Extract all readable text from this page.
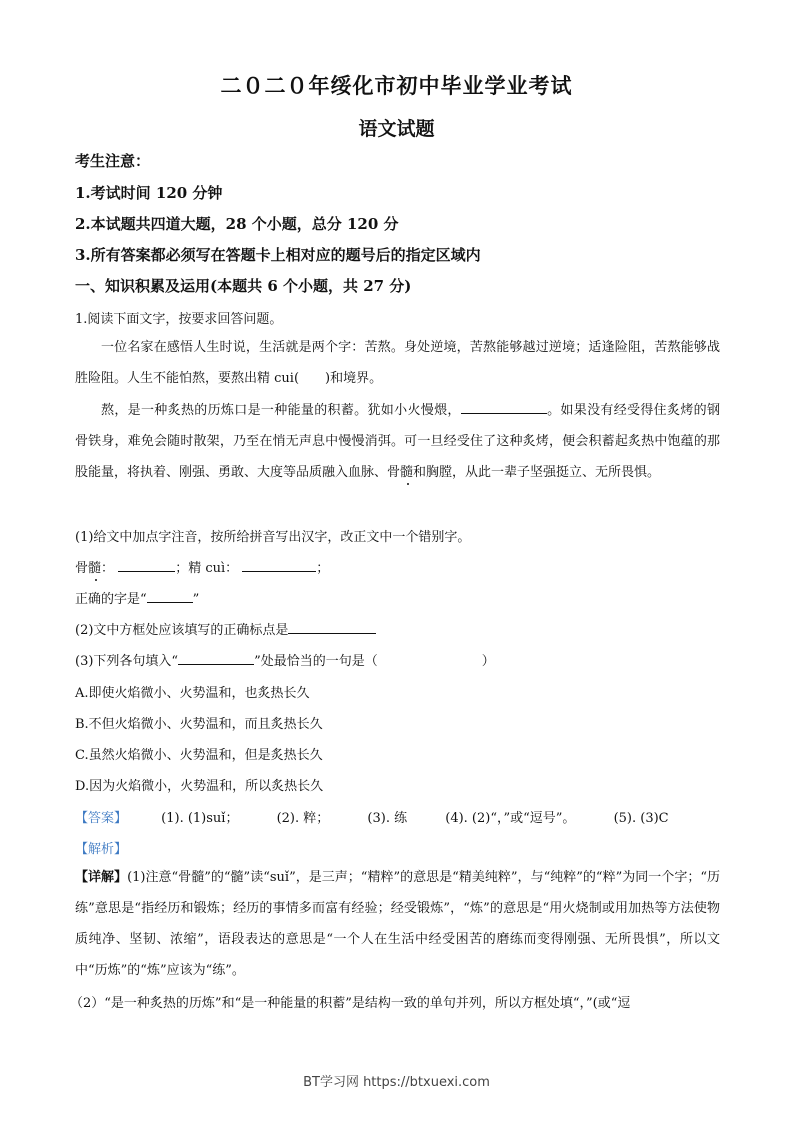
二０二０年绥化市初中毕业学业考试
语文试题
考生注意：
1.考试时间 120 分钟
2.本试题共四道大题，28 个小题，总分 120 分
3.所有答案都必须写在答题卡上相对应的题号后的指定区域内
一、知识积累及运用(本题共 6 个小题，共 27 分)
1.阅读下面文字，按要求回答问题。
一位名家在感悟人生时说，生活就是两个字：苦熬。身处逆境，苦熬能够越过逆境；适逢险阻，苦熬能够战胜险阻。人生不能怕熬，要熬出精 cui( )和境界。
熬，是一种炙热的历炼口是一种能量的积蓄。犹如小火慢煨，	。如果没有经受得住炙烤的钢骨铁身，难免会随时散架，乃至在悄无声息中慢慢消弭。可一旦经受住了这种炙烤，便会积蓄起炙热中饱蕴的那股能量，将执着、刚强、勇敢、大度等品质融入血脉、骨髓和胸膛，从此一辈子坚强挺立、无所畏惧。
(1)给文中加点字注音，按所给拼音写出汉字，改正文中一个错别字。
骨髓：	；精 cuì：	；
正确的字是“	”
(2)文中方框处应该填写的正确标点是
(3)下列各句填入“	”处最恰当的一句是（	）
A.即使火焰微小、火势温和，也炙热长久
B.不但火焰微小、火势温和，而且炙热长久
C.虽然火焰微小、火势温和，但是炙热长久
D.因为火焰微小，火势温和，所以炙热长久
【答案】	(1). (1)suǐ；	(2). 粹；	(3). 练	(4). (2)“，”或“逗号”。	(5). (3)C
【解析】
【详解】(1)注意“骨髓”的“髓”读“suǐ”，是三声；“精粹”的意思是“精美纯粹”，与“纯粹”的“粹”为同一个字；“历练”意思是“指经历和锻炼；经历的事情多而富有经验；经受锻炼”，“炼”的意思是“用火烧制或用加热等方法使物质纯净、坚韧、浓缩”，语段表达的意思是“一个人在生活中经受困苦的磨练而变得刚强、无所畏惧”，所以文中“历炼”的“炼”应该为“练”。
（2）“是一种炙热的历炼”和“是一种能量的积蓄”是结构一致的单句并列，所以方框处填“，”(或“逗
BT学习网 https://btxuexi.com
